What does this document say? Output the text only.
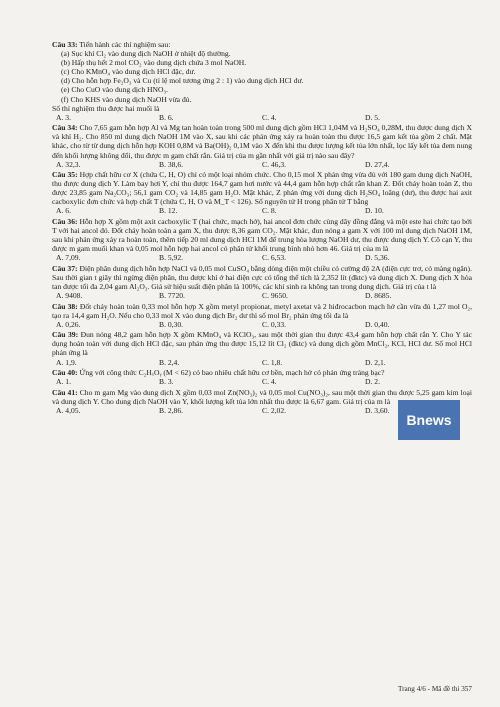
Câu 33: Tiến hành các thí nghiệm sau:

(a) Sục khí Cl₂ vào dung dịch NaOH ở nhiệt độ thường.

(b) Hấp thụ hết 2 mol CO₂ vào dung dịch chứa 3 mol NaOH.

(c) Cho KMnO₄ vào dung dịch HCl đặc, dư.

(d) Cho hỗn hợp Fe₂O₃ và Cu (tỉ lệ mol tương ứng 2 : 1) vào dung dịch HCl dư.

(e) Cho CuO vào dung dịch HNO₃.

(f) Cho KHS vào dung dịch NaOH vừa đủ.

Số thí nghiệm thu được hai muối là

A. 3.	B. 6.	C. 4.	D. 5.

Câu 34: Cho 7,65 gam hỗn hợp Al và Mg tan hoàn toàn trong 500 ml dung dịch gồm HCl 1,04M và H₂SO₄ 0,28M, thu được dung dịch X và khí H₂. Cho 850 ml dung dịch NaOH 1M vào X, sau khi các phản ứng xảy ra hoàn toàn thu được 16,5 gam kết tủa gồm 2 chất. Mặt khác, cho từ từ dung dịch hỗn hợp KOH 0,8M và Ba(OH)₂ 0,1M vào X đến khi thu được lượng kết tủa lớn nhất, lọc lấy kết tủa đem nung đến khối lượng không đổi, thu được m gam chất rắn. Giá trị của m gần nhất với giá trị nào sau đây?

A. 32,3.	B. 38,6.	C. 46,3.	D. 27,4.

Câu 35: Hợp chất hữu cơ X (chứa C, H, O) chỉ có một loại nhóm chức. Cho 0,15 mol X phản ứng vừa đủ với 180 gam dung dịch NaOH, thu được dung dịch Y. Làm bay hơi Y, chỉ thu được 164,7 gam hơi nước và 44,4 gam hỗn hợp chất rắn khan Z. Đốt cháy hoàn toàn Z, thu được 23,85 gam Na₂CO₃; 56,1 gam CO₂ và 14,85 gam H₂O. Mặt khác, Z phản ứng với dung dịch H₂SO₄ loãng (dư), thu được hai axit cacboxylic đơn chức và hợp chất T (chứa C, H, O và M_T < 126). Số nguyên tử H trong phân tử T bằng

A. 6.	B. 12.	C. 8.	D. 10.

Câu 36: Hỗn hợp X gồm một axit cacboxylic T (hai chức, mạch hở), hai ancol đơn chức cùng dãy đồng đẳng và một este hai chức tạo bởi T với hai ancol đó. Đốt cháy hoàn toàn a gam X, thu được 8,36 gam CO₂. Mặt khác, đun nóng a gam X với 100 ml dung dịch NaOH 1M, sau khi phản ứng xảy ra hoàn toàn, thêm tiếp 20 ml dung dịch HCl 1M để trung hòa lượng NaOH dư, thu được dung dịch Y. Cô cạn Y, thu được m gam muối khan và 0,05 mol hỗn hợp hai ancol có phân tử khối trung bình nhỏ hơn 46. Giá trị của m là

A. 7,09.	B. 5,92.	C. 6,53.	D. 5,36.

Câu 37: Điện phân dung dịch hỗn hợp NaCl và 0,05 mol CuSO₄ bằng dòng điện một chiều có cường độ 2A (điện cực trơ, có màng ngăn). Sau thời gian t giây thì ngừng điện phân, thu được khí ở hai điện cực có tổng thể tích là 2,352 lít (đktc) và dung dịch X. Dung dịch X hòa tan được tối đa 2,04 gam Al₂O₃. Giả sử hiệu suất điện phân là 100%, các khí sinh ra không tan trong dung dịch. Giá trị của t là

A. 9408.	B. 7720.	C. 9650.	D. 8685.

Câu 38: Đốt cháy hoàn toàn 0,33 mol hỗn hợp X gồm metyl propionat, metyl axetat và 2 hiđrocacbon mạch hở cần vừa đủ 1,27 mol O₂, tạo ra 14,4 gam H₂O. Nếu cho 0,33 mol X vào dung dịch Br₂ dư thì số mol Br₂ phản ứng tối đa là

A. 0,26.	B. 0,30.	C. 0,33.	D. 0,40.

Câu 39: Đun nóng 48,2 gam hỗn hợp X gồm KMnO₄ và KClO₃, sau một thời gian thu được 43,4 gam hỗn hợp chất rắn Y. Cho Y tác dụng hoàn toàn với dung dịch HCl đặc, sau phản ứng thu được 15,12 lít Cl₂ (đktc) và dung dịch gồm MnCl₂, KCl, HCl dư. Số mol HCl phản ứng là

A. 1,9.	B. 2,4.	C. 1,8.	D. 2,1.

Câu 40: Ứng với công thức C₂HₓOᵧ (M < 62) có bao nhiêu chất hữu cơ bền, mạch hở có phản ứng tráng bạc?

A. 1.	B. 3.	C. 4.	D. 2.

Câu 41: Cho m gam Mg vào dung dịch X gồm 0,03 mol Zn(NO₃)₂ và 0,05 mol Cu(NO₃)₂, sau một thời gian thu được 5,25 gam kim loại và dung dịch Y. Cho dung dịch NaOH vào Y, khối lượng kết tủa lớn nhất thu được là 6,67 gam. Giá trị của m là

A. 4,05.	B. 2,86.	C. 2,02.	D. 3,60.
Bnews
Trang 4/6 - Mã đề thi 357
